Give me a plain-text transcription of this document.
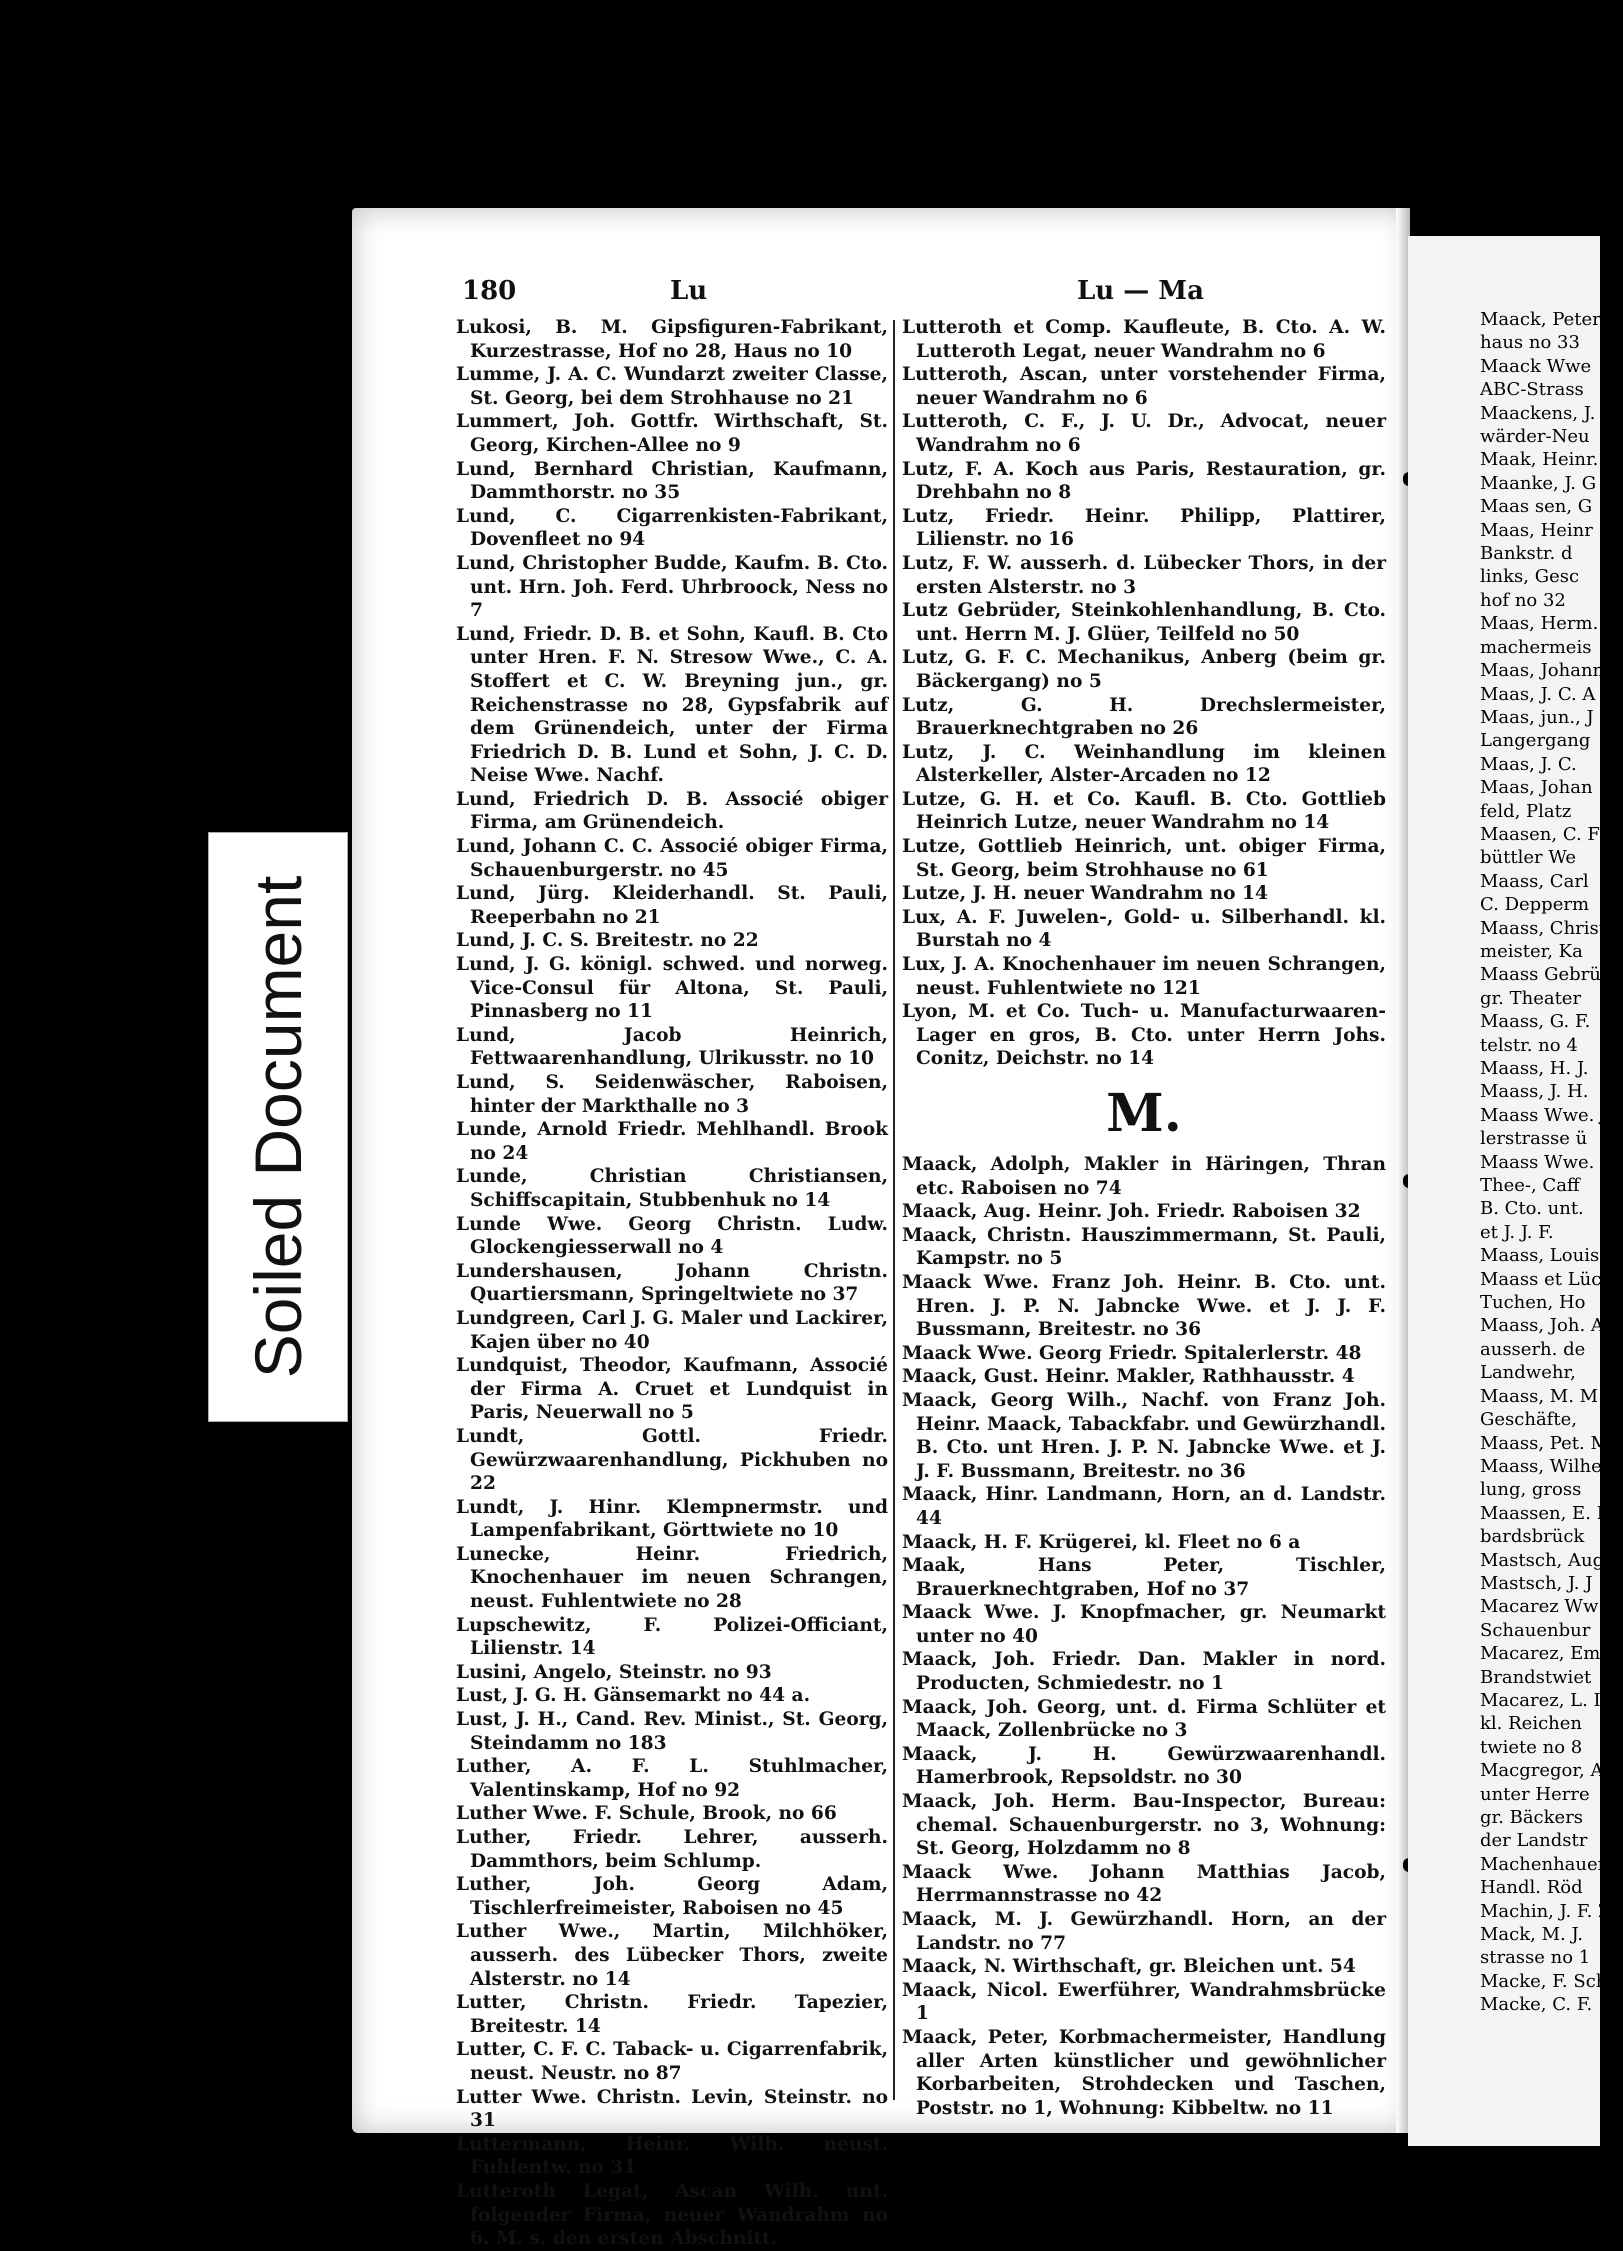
Soiled Document
180	Lu	Lu — Ma

Lukosi, B. M. Gipsfiguren-Fabrikant, Kurzestrasse, Hof no 28, Haus no 10

Lumme, J. A. C. Wundarzt zweiter Classe, St. Georg, bei dem Strohhause no 21

Lummert, Joh. Gottfr. Wirthschaft, St. Georg, Kirchen-Allee no 9

Lund, Bernhard Christian, Kaufmann, Dammthorstr. no 35

Lund, C. Cigarrenkisten-Fabrikant, Dovenfleet no 94

Lund, Christopher Budde, Kaufm. B. Cto. unt. Hrn. Joh. Ferd. Uhrbroock, Ness no 7

Lund, Friedr. D. B. et Sohn, Kaufl. B. Cto unter Hren. F. N. Stresow Wwe., C. A. Stoffert et C. W. Breyning jun., gr. Reichenstrasse no 28, Gypsfabrik auf dem Grünendeich, unter der Firma Friedrich D. B. Lund et Sohn, J. C. D. Neise Wwe. Nachf.

Lund, Friedrich D. B. Associé obiger Firma, am Grünendeich.

Lund, Johann C. C. Associé obiger Firma, Schauenburgerstr. no 45

Lund, Jürg. Kleiderhandl. St. Pauli, Reeperbahn no 21

Lund, J. C. S. Breitestr. no 22

Lund, J. G. königl. schwed. und norweg. Vice-Consul für Altona, St. Pauli, Pinnasberg no 11

Lund, Jacob Heinrich, Fettwaarenhandlung, Ulrikusstr. no 10

Lund, S. Seidenwäscher, Raboisen, hinter der Markthalle no 3

Lunde, Arnold Friedr. Mehlhandl. Brook no 24

Lunde, Christian Christiansen, Schiffscapitain, Stubbenhuk no 14

Lunde Wwe. Georg Christn. Ludw. Glockengiesserwall no 4

Lundershausen, Johann Christn. Quartiersmann, Springeltwiete no 37

Lundgreen, Carl J. G. Maler und Lackirer, Kajen über no 40

Lundquist, Theodor, Kaufmann, Associé der Firma A. Cruet et Lundquist in Paris, Neuerwall no 5

Lundt, Gottl. Friedr. Gewürzwaarenhandlung, Pickhuben no 22

Lundt, J. Hinr. Klempnermstr. und Lampenfabrikant, Görttwiete no 10

Lunecke, Heinr. Friedrich, Knochenhauer im neuen Schrangen, neust. Fuhlentwiete no 28

Lupschewitz, F. Polizei-Officiant, Lilienstr. 14

Lusini, Angelo, Steinstr. no 93

Lust, J. G. H. Gänsemarkt no 44 a.

Lust, J. H., Cand. Rev. Minist., St. Georg, Steindamm no 183

Luther, A. F. L. Stuhlmacher, Valentinskamp, Hof no 92

Luther Wwe. F. Schule, Brook, no 66

Luther, Friedr. Lehrer, ausserh. Dammthors, beim Schlump.

Luther, Joh. Georg Adam, Tischlerfreimeister, Raboisen no 45

Luther Wwe., Martin, Milchhöker, ausserh. des Lübecker Thors, zweite Alsterstr. no 14

Lutter, Christn. Friedr. Tapezier, Breitestr. 14

Lutter, C. F. C. Taback- u. Cigarrenfabrik, neust. Neustr. no 87

Lutter Wwe. Christn. Levin, Steinstr. no 31

Luttermann, Heinr. Wilh. neust. Fuhlentw. no 31

Lutteroth Legat, Ascan Wilh. unt. folgender Firma, neuer Wandrahm no 6. M. s. den ersten Abschnitt.

Lutteroth et Comp. Kaufleute, B. Cto. A. W. Lutteroth Legat, neuer Wandrahm no 6

Lutteroth, Ascan, unter vorstehender Firma, neuer Wandrahm no 6

Lutteroth, C. F., J. U. Dr., Advocat, neuer Wandrahm no 6

Lutz, F. A. Koch aus Paris, Restauration, gr. Drehbahn no 8

Lutz, Friedr. Heinr. Philipp, Plattirer, Lilienstr. no 16

Lutz, F. W. ausserh. d. Lübecker Thors, in der ersten Alsterstr. no 3

Lutz Gebrüder, Steinkohlenhandlung, B. Cto. unt. Herrn M. J. Glüer, Teilfeld no 50

Lutz, G. F. C. Mechanikus, Anberg (beim gr. Bäckergang) no 5

Lutz, G. H. Drechslermeister, Brauerknechtgraben no 26

Lutz, J. C. Weinhandlung im kleinen Alsterkeller, Alster-Arcaden no 12

Lutze, G. H. et Co. Kaufl. B. Cto. Gottlieb Heinrich Lutze, neuer Wandrahm no 14

Lutze, Gottlieb Heinrich, unt. obiger Firma, St. Georg, beim Strohhause no 61

Lutze, J. H. neuer Wandrahm no 14

Lux, A. F. Juwelen-, Gold- u. Silberhandl. kl. Burstah no 4

Lux, J. A. Knochenhauer im neuen Schrangen, neust. Fuhlentwiete no 121

Lyon, M. et Co. Tuch- u. Manufacturwaaren-Lager en gros, B. Cto. unter Herrn Johs. Conitz, Deichstr. no 14

M.

Maack, Adolph, Makler in Häringen, Thran etc. Raboisen no 74

Maack, Aug. Heinr. Joh. Friedr. Raboisen 32

Maack, Christn. Hauszimmermann, St. Pauli, Kampstr. no 5

Maack Wwe. Franz Joh. Heinr. B. Cto. unt. Hren. J. P. N. Jabncke Wwe. et J. J. F. Bussmann, Breitestr. no 36

Maack Wwe. Georg Friedr. Spitalerlerstr. 48

Maack, Gust. Heinr. Makler, Rathhausstr. 4

Maack, Georg Wilh., Nachf. von Franz Joh. Heinr. Maack, Tabackfabr. und Gewürzhandl. B. Cto. unt Hren. J. P. N. Jabncke Wwe. et J. J. F. Bussmann, Breitestr. no 36

Maack, Hinr. Landmann, Horn, an d. Landstr. 44

Maack, H. F. Krügerei, kl. Fleet no 6 a

Maak, Hans Peter, Tischler, Brauerknechtgraben, Hof no 37

Maack Wwe. J. Knopfmacher, gr. Neumarkt unter no 40

Maack, Joh. Friedr. Dan. Makler in nord. Producten, Schmiedestr. no 1

Maack, Joh. Georg, unt. d. Firma Schlüter et Maack, Zollenbrücke no 3

Maack, J. H. Gewürzwaarenhandl. Hamerbrook, Repsoldstr. no 30

Maack, Joh. Herm. Bau-Inspector, Bureau: chemal. Schauenburgerstr. no 3, Wohnung: St. Georg, Holzdamm no 8

Maack Wwe. Johann Matthias Jacob, Herrmannstrasse no 42

Maack, M. J. Gewürzhandl. Horn, an der Landstr. no 77

Maack, N. Wirthschaft, gr. Bleichen unt. 54

Maack, Nicol. Ewerführer, Wandrahmsbrücke 1

Maack, Peter, Korbmachermeister, Handlung aller Arten künstlicher und gewöhnlicher Korbarbeiten, Strohdecken und Taschen, Poststr. no 1, Wohnung: Kibbeltw. no 11

Maack, Peter

haus no 33

Maack Wwe

ABC-Strass

Maackens, J.

wärder-Neu

Maak, Heinr.

Maanke, J. G

Maas sen, G

Maas, Heinr

Bankstr. d

links, Gesc

hof no 32

Maas, Herm.

machermeis

Maas, Johann

Maas, J. C. A

Maas, jun., J

Langergang

Maas, J. C.

Maas, Johan

feld, Platz

Maasen, C. F

büttler We

Maass, Carl

C. Depperm

Maass, Christ

meister, Ka

Maass Gebrü

gr. Theater

Maass, G. F.

telstr. no 4

Maass, H. J.

Maass, J. H.

Maass Wwe. J

lerstrasse ü

Maass Wwe.

Thee-, Caff

B. Cto. unt.

et J. J. F.

Maass, Louis,

Maass et Lüc

Tuchen, Ho

Maass, Joh. A

ausserh. de

Landwehr,

Maass, M. M

Geschäfte,

Maass, Pet. M

Maass, Wilhe

lung, gross

Maassen, E. I

bardsbrück

Mastsch, Aug. I

Mastsch, J. J

Macarez Ww

Schauenbur

Macarez, Em

Brandstwiet

Macarez, L. I

kl. Reichen

twiete no 8

Macgregor, A

unter Herre

gr. Bäckers

der Landstr

Machenhauer,

Handl. Röd

Machin, J. F. Z

Mack, M. J.

strasse no 1

Macke, F. Sch

Macke, C. F.
